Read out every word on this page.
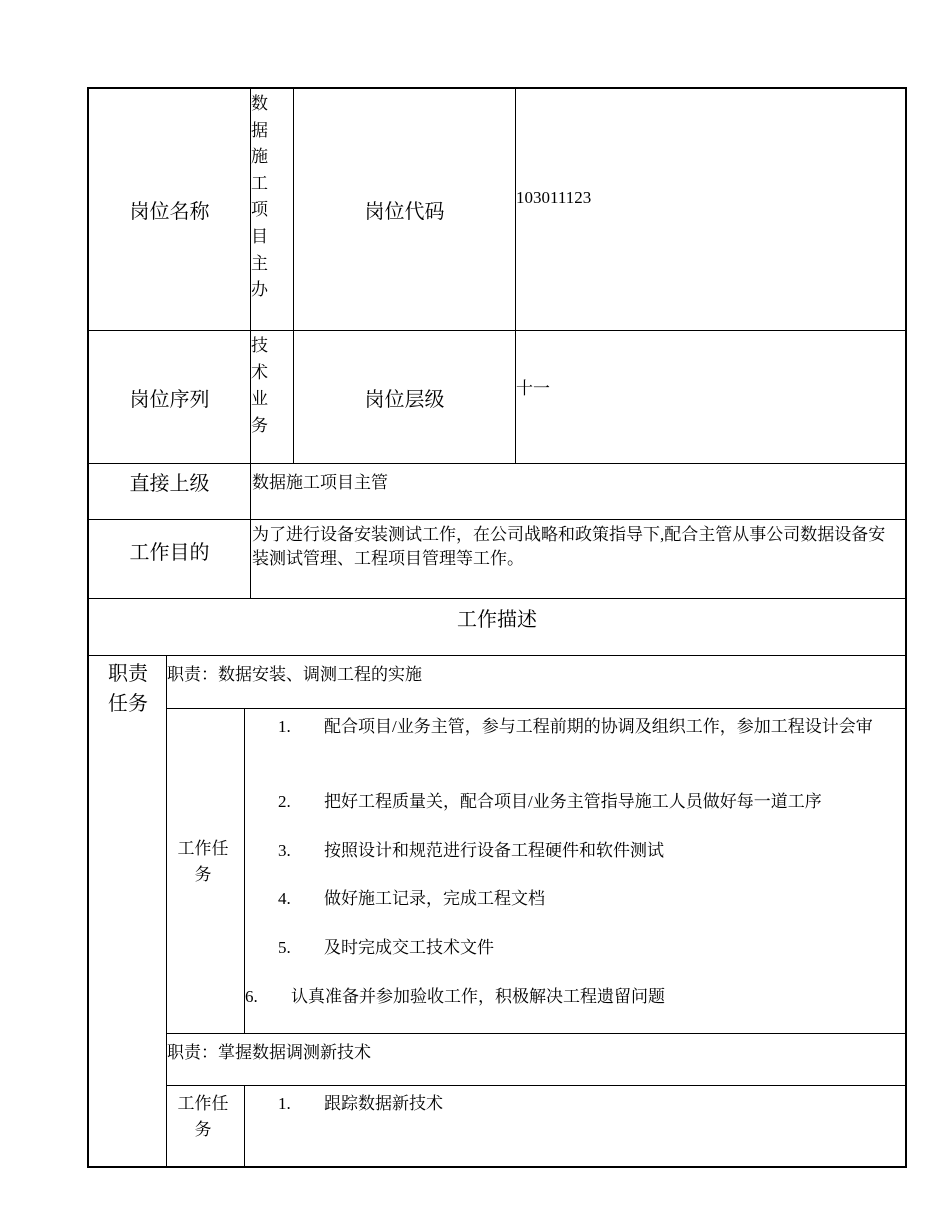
岗位名称
数据施工项目主办
岗位代码
103011123
岗位序列
技术业务
岗位层级	十一
直接上级	数据施工项目主管
工作目的
为了进行设备安装测试工作，在公司战略和政策指导下,配合主管从事公司数据设备安装测试管理、工程项目管理等工作。
工作描述
职责任务
职责：数据安装、调测工程的实施
工作任务
1. 配合项目/业务主管，参与工程前期的协调及组织工作，参加工程设计会审
2. 把好工程质量关，配合项目/业务主管指导施工人员做好每一道工序
3. 按照设计和规范进行设备工程硬件和软件测试
4. 做好施工记录，完成工程文档
5. 及时完成交工技术文件
6. 认真准备并参加验收工作，积极解决工程遗留问题
职责：掌握数据调测新技术
工作任务
1. 跟踪数据新技术
